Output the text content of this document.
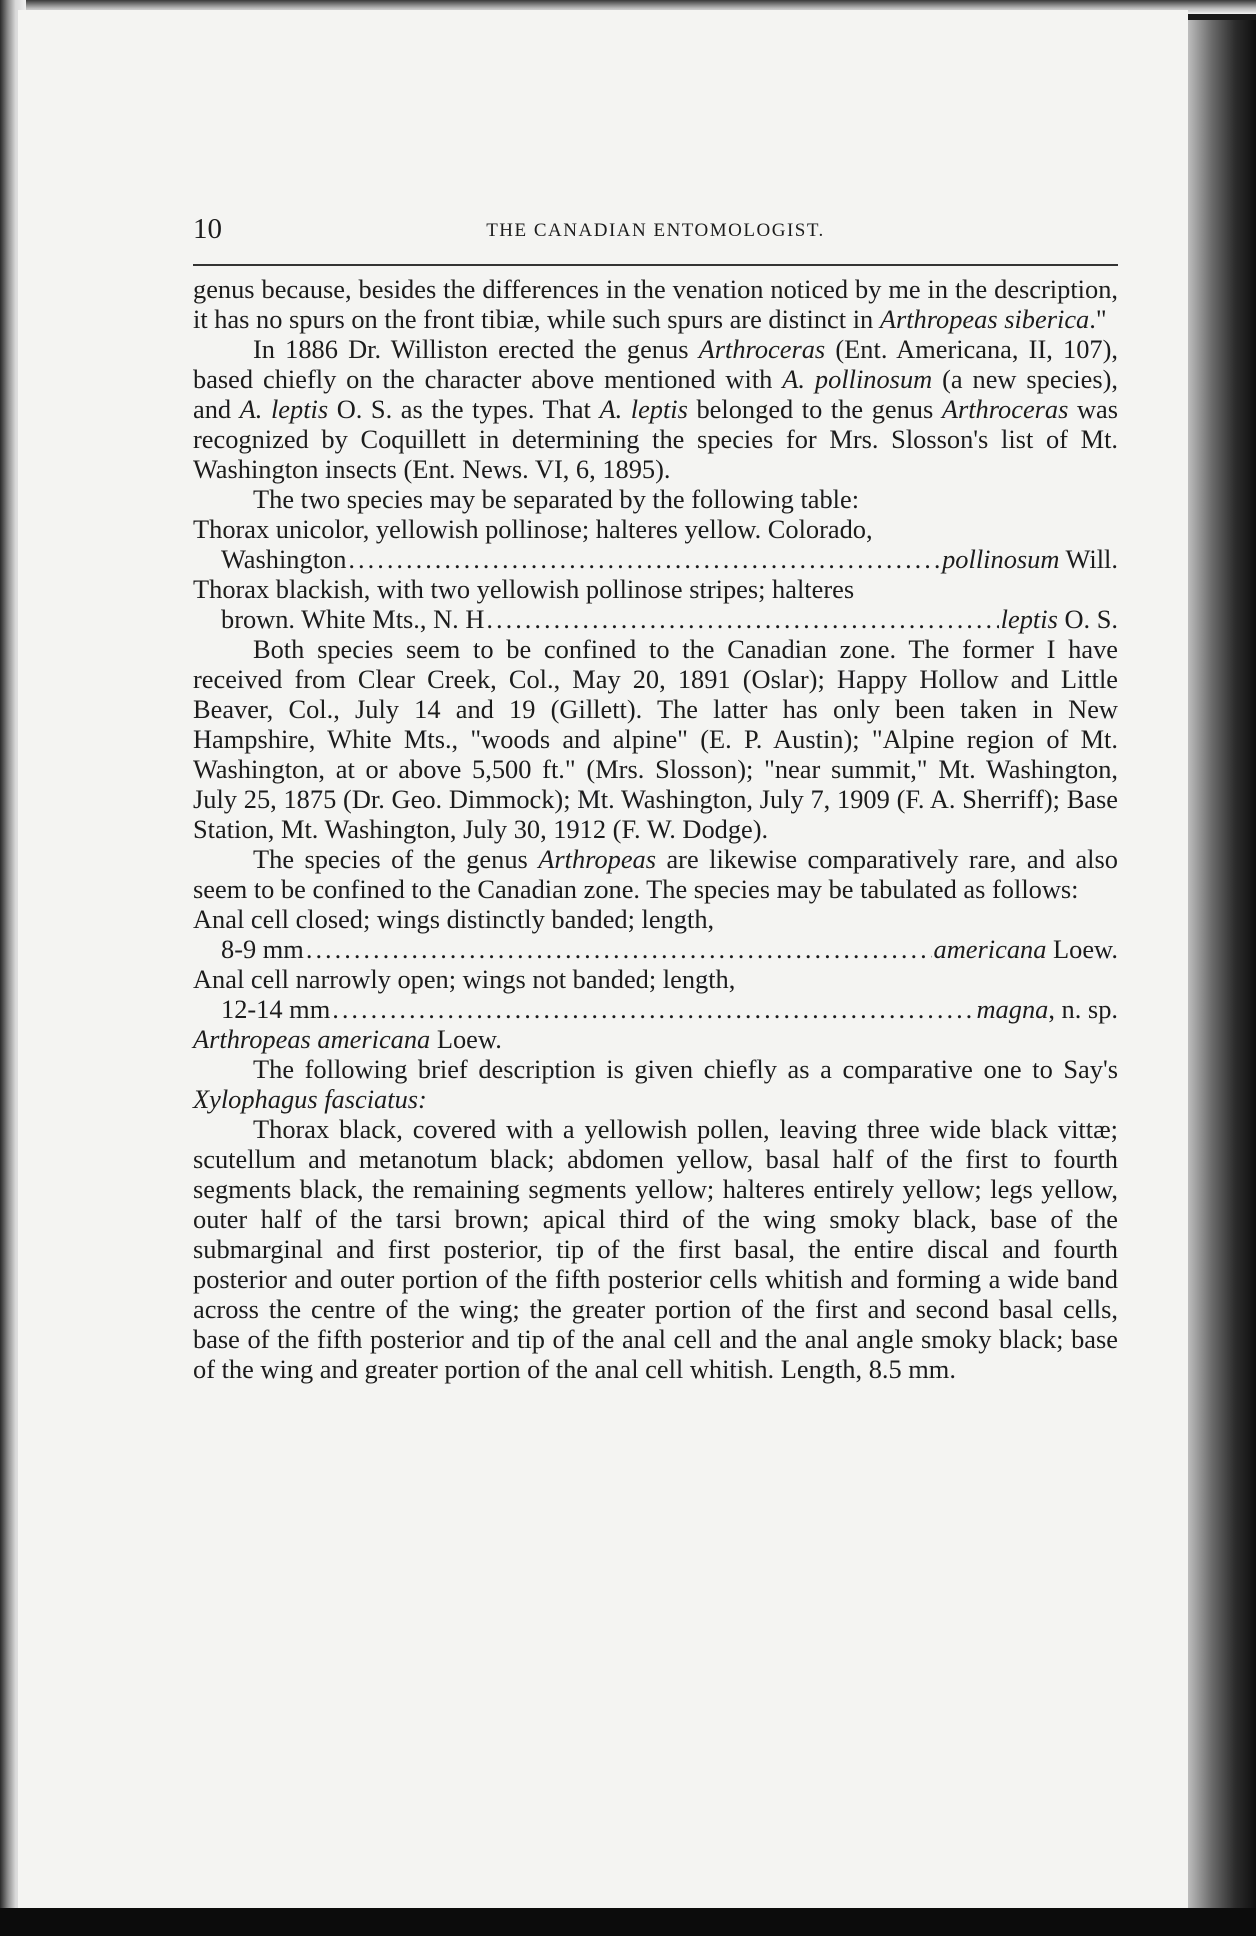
10	THE CANADIAN ENTOMOLOGIST.

genus because, besides the differences in the venation noticed by me in the description, it has no spurs on the front tibiæ, while such spurs are distinct in Arthropeas siberica."

In 1886 Dr. Williston erected the genus Arthroceras (Ent. Americana, II, 107), based chiefly on the character above mentioned with A. pollinosum (a new species), and A. leptis O. S. as the types. That A. leptis belonged to the genus Arthroceras was recognized by Coquillett in determining the species for Mrs. Slosson's list of Mt. Washington insects (Ent. News. VI, 6, 1895).

The two species may be separated by the following table:

Thorax unicolor, yellowish pollinose; halteres yellow. Colorado,
Washington .....	pollinosum Will.
Thorax blackish, with two yellowish pollinose stripes; halteres
brown. White Mts., N. H .....	leptis O. S.

Both species seem to be confined to the Canadian zone. The former I have received from Clear Creek, Col., May 20, 1891 (Oslar); Happy Hollow and Little Beaver, Col., July 14 and 19 (Gillett). The latter has only been taken in New Hampshire, White Mts., "woods and alpine" (E. P. Austin); "Alpine region of Mt. Washington, at or above 5,500 ft." (Mrs. Slosson); "near summit," Mt. Washington, July 25, 1875 (Dr. Geo. Dimmock); Mt. Washington, July 7, 1909 (F. A. Sherriff); Base Station, Mt. Washington, July 30, 1912 (F. W. Dodge).

The species of the genus Arthropeas are likewise comparatively rare, and also seem to be confined to the Canadian zone. The species may be tabulated as follows:

Anal cell closed; wings distinctly banded; length,
8-9 mm .....	americana Loew.
Anal cell narrowly open; wings not banded; length,
12-14 mm .....	magna, n. sp.
Arthropeas americana Loew.

The following brief description is given chiefly as a comparative one to Say's Xylophagus fasciatus:

Thorax black, covered with a yellowish pollen, leaving three wide black vittæ; scutellum and metanotum black; abdomen yellow, basal half of the first to fourth segments black, the remaining segments yellow; halteres entirely yellow; legs yellow, outer half of the tarsi brown; apical third of the wing smoky black, base of the submarginal and first posterior, tip of the first basal, the entire discal and fourth posterior and outer portion of the fifth posterior cells whitish and forming a wide band across the centre of the wing; the greater portion of the first and second basal cells, base of the fifth posterior and tip of the anal cell and the anal angle smoky black; base of the wing and greater portion of the anal cell whitish. Length, 8.5 mm.
